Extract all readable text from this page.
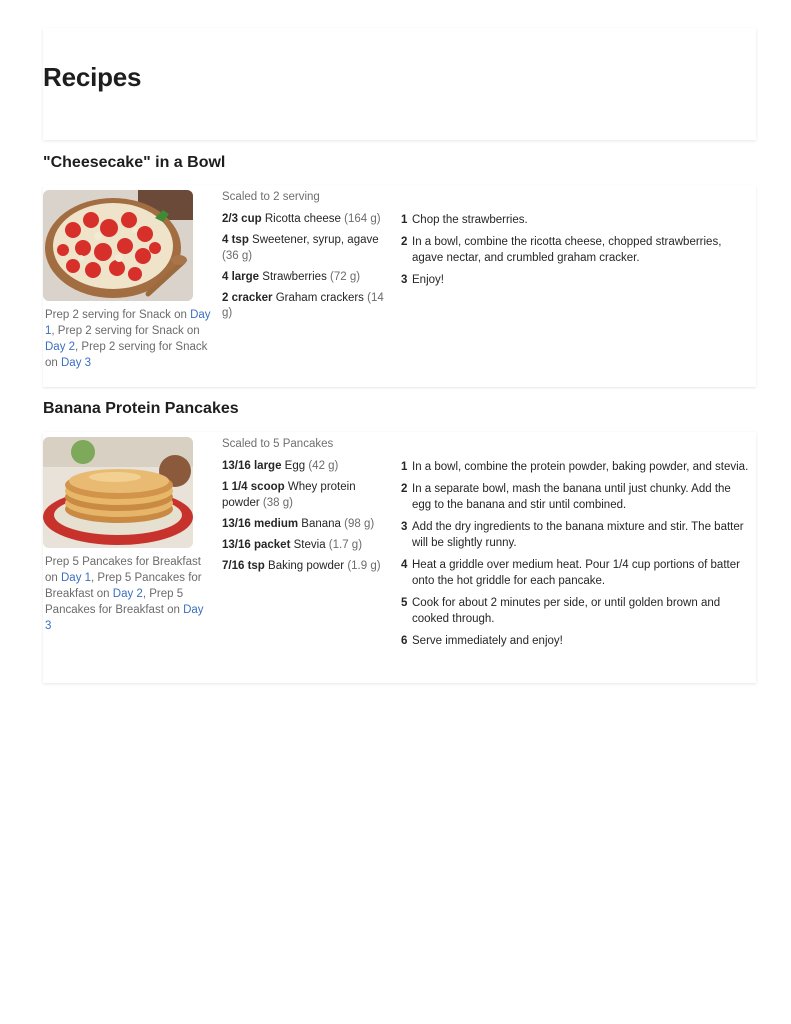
Recipes
"Cheesecake" in a Bowl

Prep 2 serving for Snack on Day 1, Prep 2 serving for Snack on Day 2, Prep 2 serving for Snack on Day 3

Scaled to 2 serving
2/3 cup Ricotta cheese (164 g)
4 tsp Sweetener, syrup, agave (36 g)
4 large Strawberries (72 g)
2 cracker Graham crackers (14 g)
1 Chop the strawberries.
2 In a bowl, combine the ricotta cheese, chopped strawberries, agave nectar, and crumbled graham cracker.
3 Enjoy!
Banana Protein Pancakes

Prep 5 Pancakes for Breakfast on Day 1, Prep 5 Pancakes for Breakfast on Day 2, Prep 5 Pancakes for Breakfast on Day 3

Scaled to 5 Pancakes
13/16 large Egg (42 g)
1 1/4 scoop Whey protein powder (38 g)
13/16 medium Banana (98 g)
13/16 packet Stevia (1.7 g)
7/16 tsp Baking powder (1.9 g)
1 In a bowl, combine the protein powder, baking powder, and stevia.
2 In a separate bowl, mash the banana until just chunky. Add the egg to the banana and stir until combined.
3 Add the dry ingredients to the banana mixture and stir. The batter will be slightly runny.
4 Heat a griddle over medium heat. Pour 1/4 cup portions of batter onto the hot griddle for each pancake.
5 Cook for about 2 minutes per side, or until golden brown and cooked through.
6 Serve immediately and enjoy!
